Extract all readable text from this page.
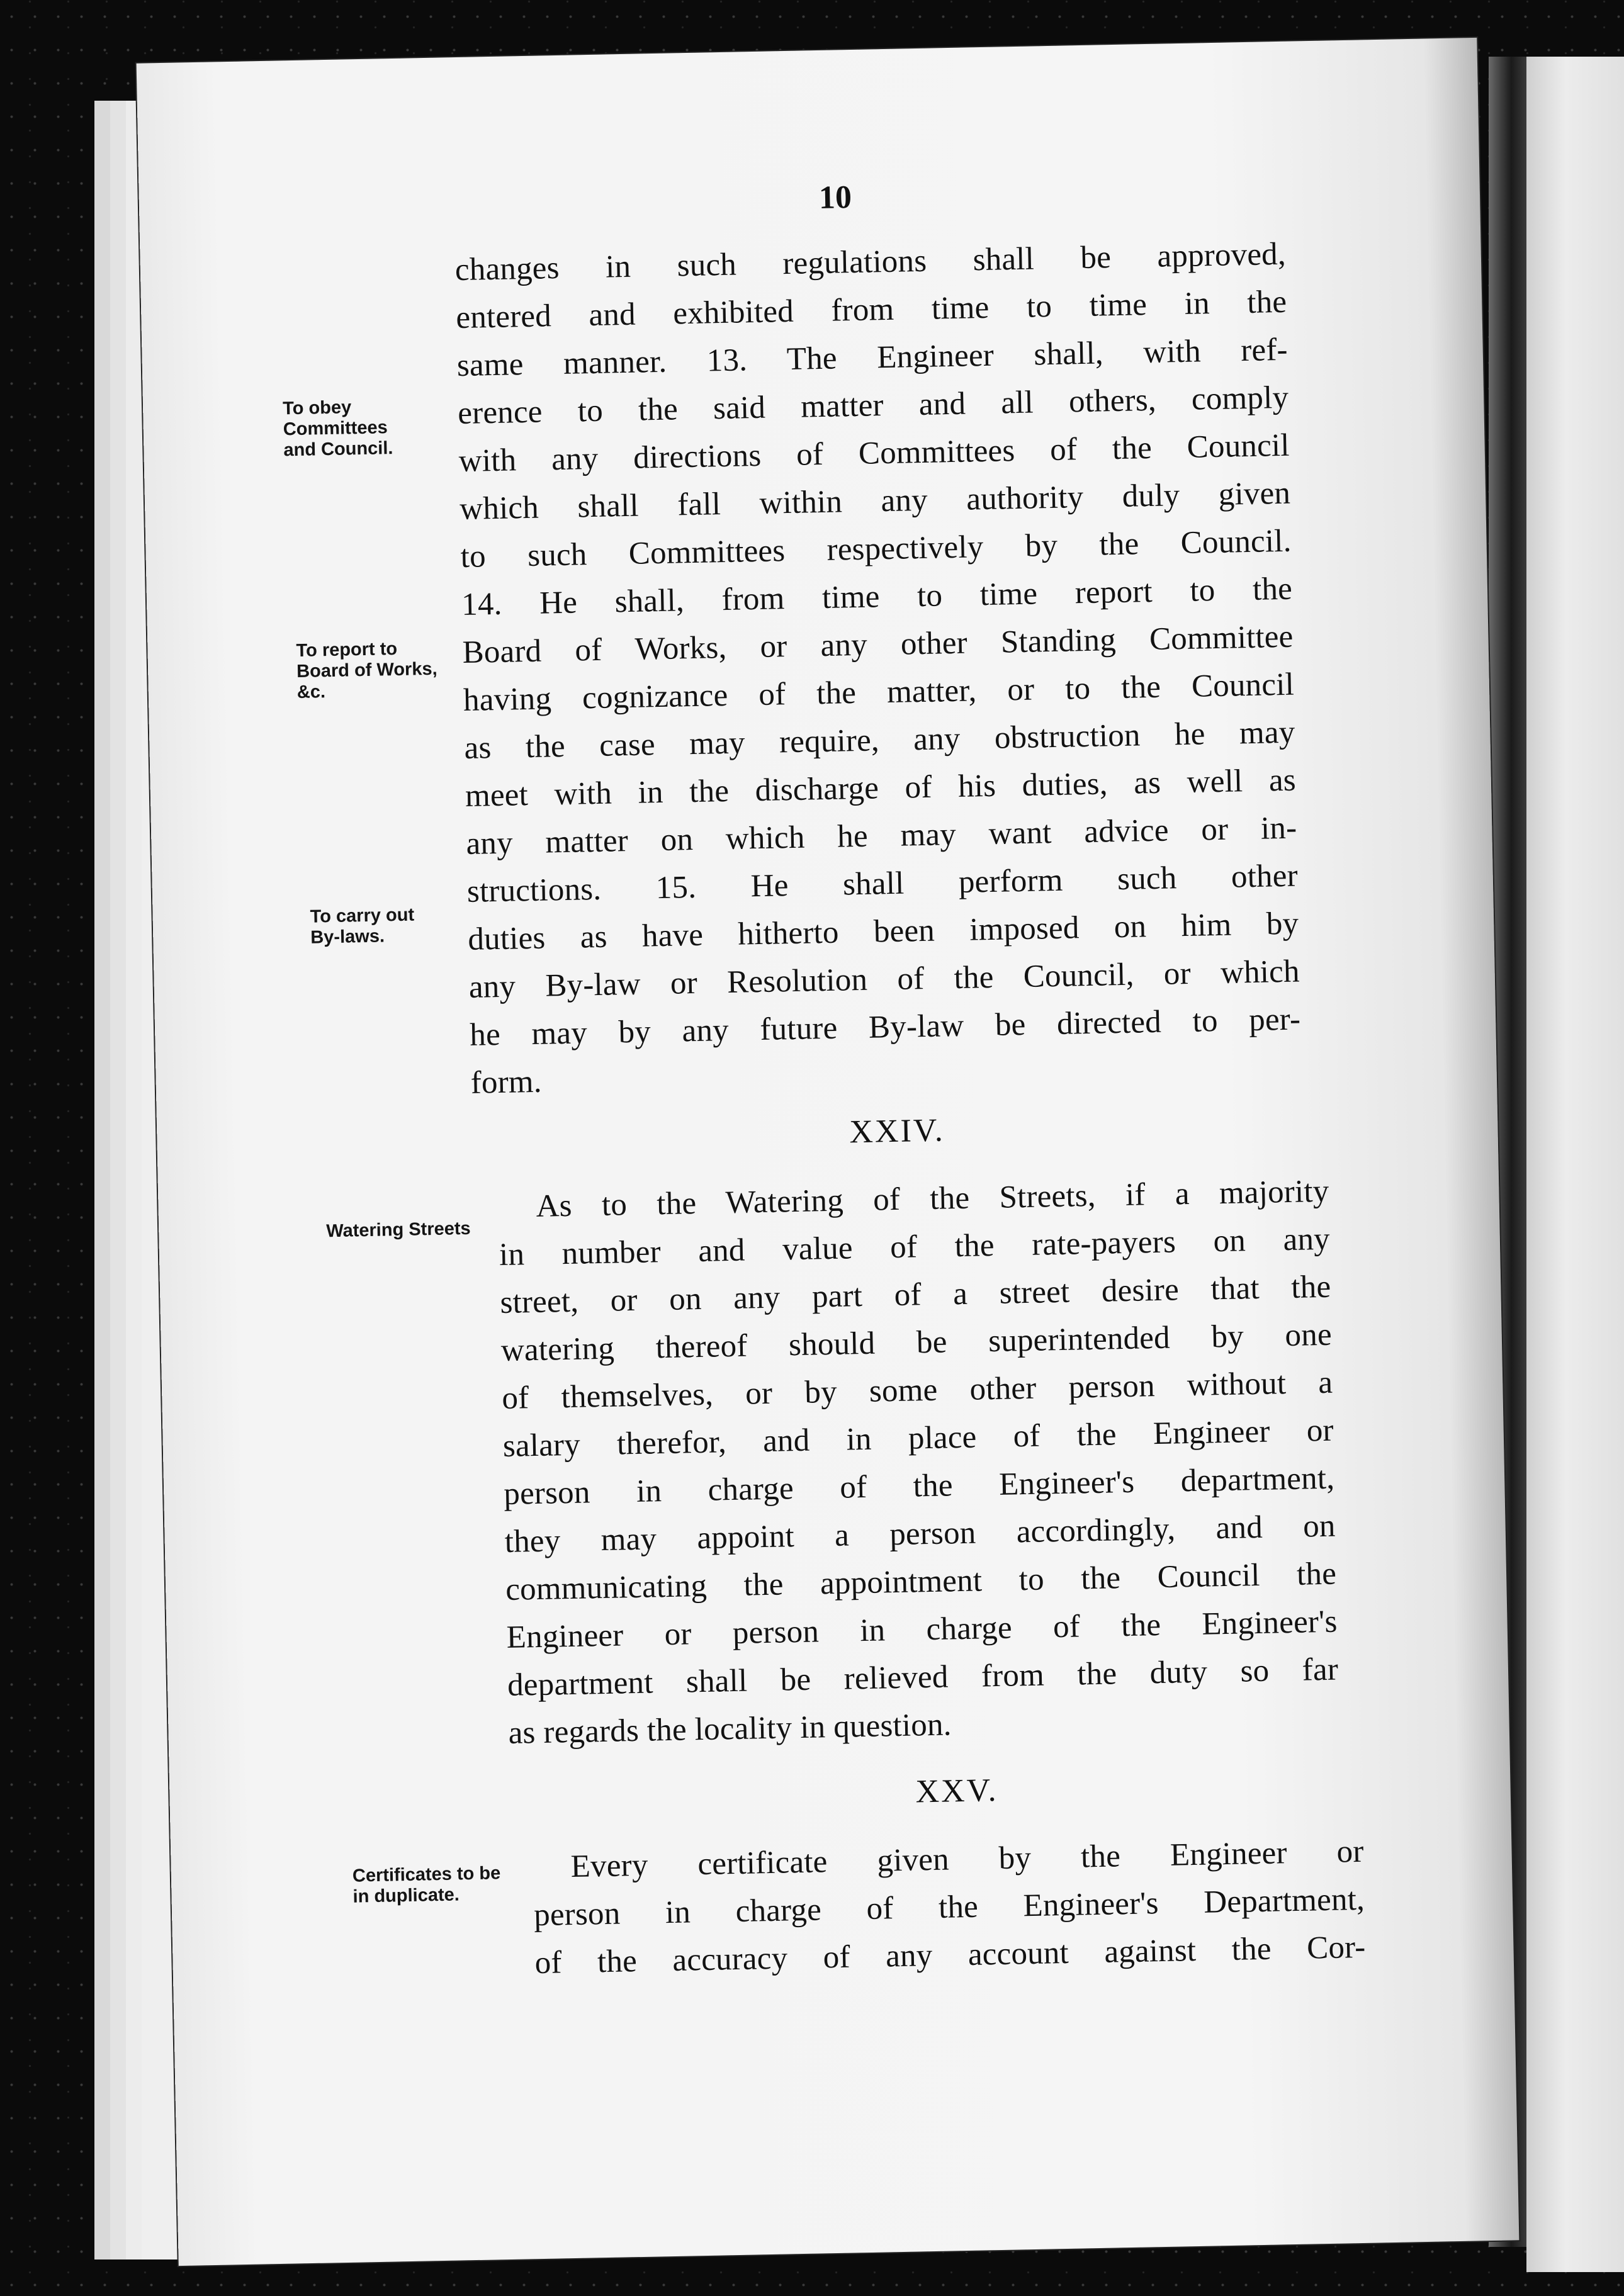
10
To obey
Committees
and Council.
To report to
Board of Works,
&c.
To carry out
By-laws.
Watering Streets
Certificates to be
in duplicate.
changes in such regulations shall be approved,
entered and exhibited from time to time in the
same manner. 13. The Engineer shall, with ref-
erence to the said matter and all others, comply
with any directions of Committees of the Council
which shall fall within any authority duly given
to such Committees respectively by the Council.
14. He shall, from time to time report to the
Board of Works, or any other Standing Committee
having cognizance of the matter, or to the Council
as the case may require, any obstruction he may
meet with in the discharge of his duties, as well as
any matter on which he may want advice or in-
structions. 15. He shall perform such other
duties as have hitherto been imposed on him by
any By-law or Resolution of the Council, or which
he may by any future By-law be directed to per-
form.
XXIV.
As to the Watering of the Streets, if a majority
in number and value of the rate-payers on any
street, or on any part of a street desire that the
watering thereof should be superintended by one
of themselves, or by some other person without a
salary therefor, and in place of the Engineer or
person in charge of the Engineer's department,
they may appoint a person accordingly, and on
communicating the appointment to the Council the
Engineer or person in charge of the Engineer's
department shall be relieved from the duty so far
as regards the locality in question.
XXV.
Every certificate given by the Engineer or
person in charge of the Engineer's Department,
of the accuracy of any account against the Cor-
